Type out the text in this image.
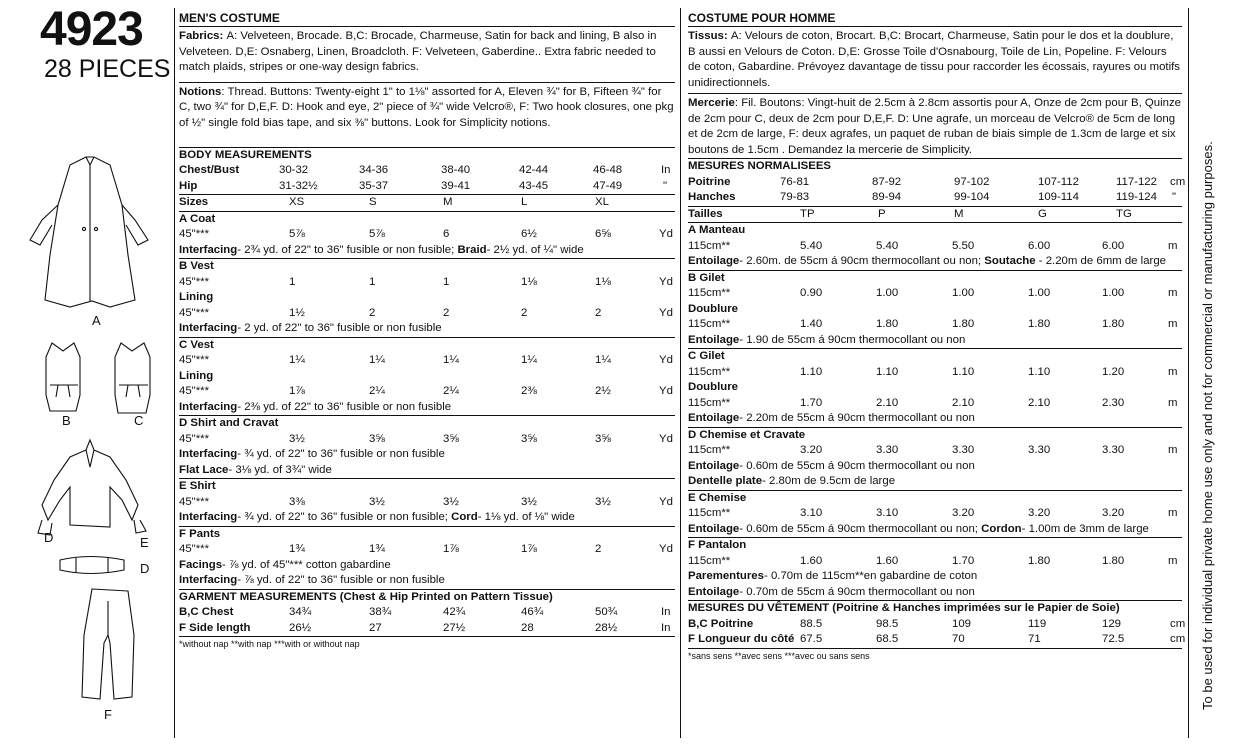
4923
28 PIECES
A
B	C
D	E
D
F
MEN'S COSTUME
Fabrics: A: Velveteen, Brocade. B,C: Brocade, Charmeuse, Satin for back and lining, B also in Velveteen. D,E: Osnaberg, Linen, Broadcloth. F: Velveteen, Gaberdine.. Extra fabric needed to match plaids, stripes or one-way design fabrics.
Notions: Thread. Buttons: Twenty-eight 1" to 1⅛" assorted for A, Eleven ¾" for B, Fifteen ¾" for C, two ¾" for D,E,F. D: Hook and eye, 2" piece of ¾" wide Velcro®, F: Two hook closures, one pkg of ½" single fold bias tape, and six ⅜" buttons. Look for Simplicity notions.
BODY MEASUREMENTS
Chest/Bust	30-32	34-36	38-40	42-44	46-48	In
Hip	31-32½	35-37	39-41	43-45	47-49	"
Sizes	XS	S	M	L	XL
A Coat
45"***	5⅞	5⅞	6	6½	6⅝	Yd
Interfacing- 2¾ yd. of 22" to 36" fusible or non fusible; Braid- 2½ yd. of ¼" wide
B Vest
45"***	1	1	1	1⅛	1⅛	Yd
Lining
45"***	1½	2	2	2	2	Yd
Interfacing- 2 yd. of 22" to 36" fusible or non fusible
C Vest
45"***	1¼	1¼	1¼	1¼	1¼	Yd
Lining
45"***	1⅞	2¼	2¼	2⅜	2½	Yd
Interfacing- 2⅜ yd. of 22" to 36" fusible or non fusible
D Shirt and Cravat
45"***	3½	3⅝	3⅝	3⅝	3⅝	Yd
Interfacing- ¾ yd. of 22" to 36" fusible or non fusible
Flat Lace- 3⅛ yd. of 3¾" wide
E Shirt
45"***	3⅜	3½	3½	3½	3½	Yd
Interfacing- ¾ yd. of 22" to 36" fusible or non fusible; Cord- 1⅛ yd. of ⅛" wide
F Pants
45"***	1¾	1¾	1⅞	1⅞	2	Yd
Facings- ⅞ yd. of 45"*** cotton gabardine
Interfacing- ⅞ yd. of 22" to 36" fusible or non fusible
GARMENT MEASUREMENTS (Chest & Hip Printed on Pattern Tissue)
B,C Chest	34¾	38¾	42¾	46¾	50¾	In
F Side length	26½	27	27½	28	28½	In
*without nap **with nap ***with or without nap
COSTUME POUR HOMME
Tissus: A: Velours de coton, Brocart. B,C: Brocart, Charmeuse, Satin pour le dos et la doublure, B aussi en Velours de Coton. D,E: Grosse Toile d'Osnabourg, Toile de Lin, Popeline. F: Velours de coton, Gabardine. Prévoyez davantage de tissu pour raccorder les écossais, rayures ou motifs unidirectionnels.
Mercerie: Fil. Boutons: Vingt-huit de 2.5cm à 2.8cm assortis pour A, Onze de 2cm pour B, Quinze de 2cm pour C, deux de 2cm pour D,E,F. D: Une agrafe, un morceau de Velcro® de 5cm de long et de 2cm de large, F: deux agrafes, un paquet de ruban de biais simple de 1.3cm de large et six boutons de 1.5cm . Demandez la mercerie de Simplicity.
MESURES NORMALISEES
Poitrine	76-81	87-92	97-102	107-112	117-122 cm
Hanches	79-83	89-94	99-104	109-114	119-124 "
Tailles	TP	P	M	G	TG
A Manteau
115cm**	5.40	5.40	5.50	6.00	6.00	m
Entoilage- 2.60m. de 55cm á 90cm thermocollant ou non; Soutache - 2.20m de 6mm de large
B Gilet
115cm**	0.90	1.00	1.00	1.00	1.00	m
Doublure
115cm**	1.40	1.80	1.80	1.80	1.80	m
Entoilage- 1.90 de 55cm á 90cm thermocollant ou non
C Gilet
115cm**	1.10	1.10	1.10	1.10	1.20	m
Doublure
115cm**	1.70	2.10	2.10	2.10	2.30	m
Entoilage- 2.20m de 55cm á 90cm thermocollant ou non
D Chemise et Cravate
115cm**	3.20	3.30	3.30	3.30	3.30	m
Entoilage- 0.60m de 55cm á 90cm thermocollant ou non
Dentelle plate- 2.80m de 9.5cm de large
E Chemise
115cm**	3.10	3.10	3.20	3.20	3.20	m
Entoilage- 0.60m de 55cm á 90cm thermocollant ou non; Cordon- 1.00m de 3mm de large
F Pantalon
115cm**	1.60	1.60	1.70	1.80	1.80	m
Parementures- 0.70m de 115cm**en gabardine de coton
Entoilage- 0.70m de 55cm á 90cm thermocollant ou non
MESURES DU VÊTEMENT (Poitrine & Hanches imprimées sur le Papier de Soie)
B,C Poitrine	88.5	98.5	109	119	129	cm
F Longueur du côté 67.5	68.5	70	71	72.5	cm
*sans sens **avec sens ***avec ou sans sens	To be used for individual private home use only and not for commercial or manufacturing purposes.
